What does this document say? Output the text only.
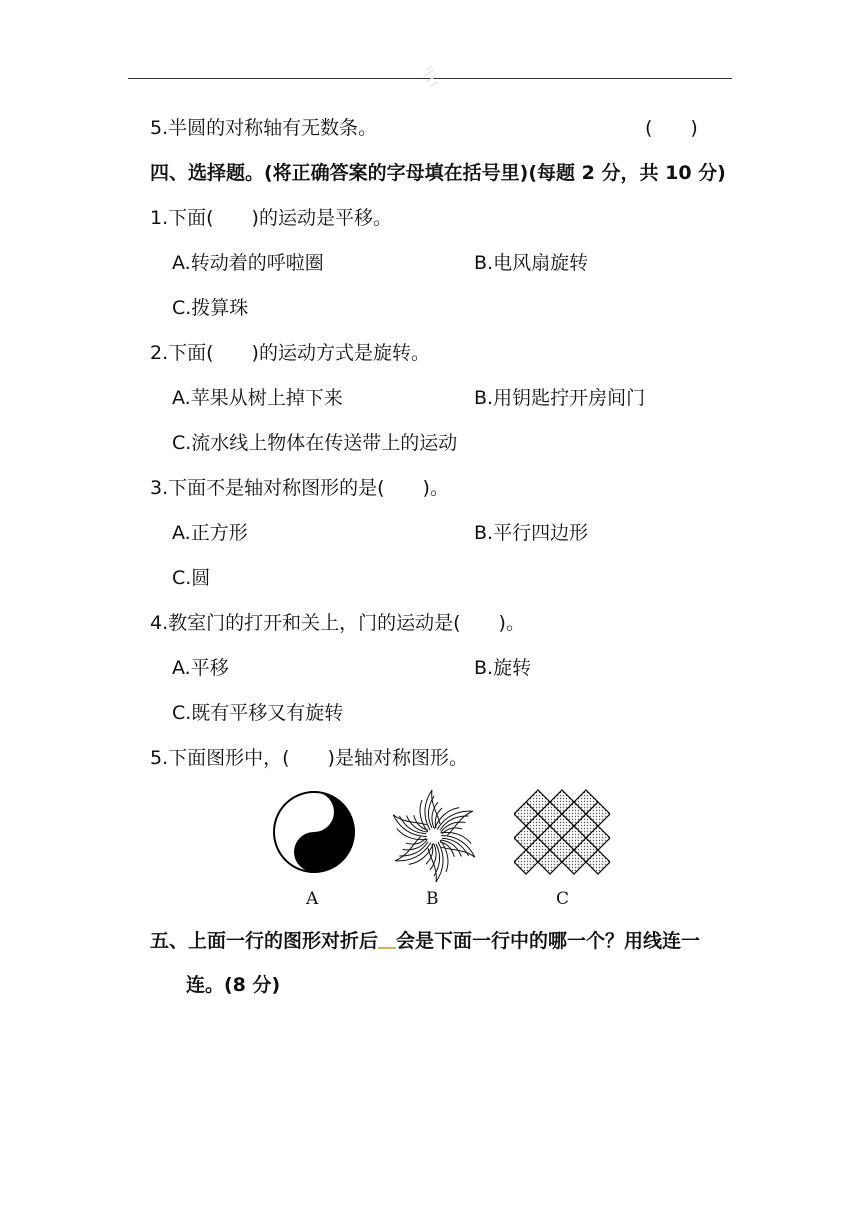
5.半圆的对称轴有无数条。	(　　)
四、选择题。(将正确答案的字母填在括号里)(每题 2 分，共 10 分)
1.下面(　　)的运动是平移。
A.转动着的呼啦圈	B.电风扇旋转
C.拨算珠
2.下面(　　)的运动方式是旋转。
A.苹果从树上掉下来	B.用钥匙拧开房间门
C.流水线上物体在传送带上的运动
3.下面不是轴对称图形的是(　　)。
A.正方形	B.平行四边形
C.圆
4.教室门的打开和关上，门的运动是(　　)。
A.平移	B.旋转
C.既有平移又有旋转
5.下面图形中，(　　)是轴对称图形。
A	B	C
五、上面一行的图形对折后 会是下面一行中的哪一个？用线连一
连。(8 分)
